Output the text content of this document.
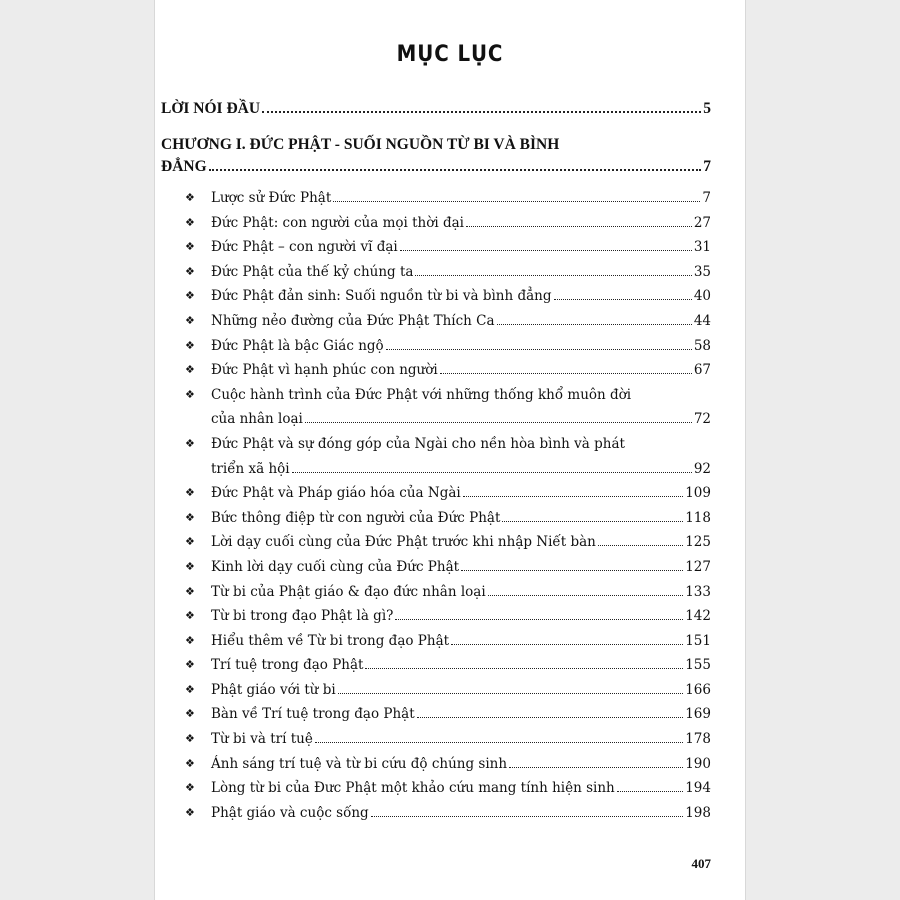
MỤC LỤC
LỜI NÓI ĐẦU	5
CHƯƠNG I. ĐỨC PHẬT - SUỐI NGUỒN TỪ BI VÀ BÌNH
ĐẲNG	7
❖ Lược sử Đức Phật	7
❖ Đức Phật: con người của mọi thời đại	27
❖ Đức Phật – con người vĩ đại	31
❖ Đức Phật của thế kỷ chúng ta	35
❖ Đức Phật đản sinh: Suối nguồn từ bi và bình đẳng	40
❖ Những nẻo đường của Đức Phật Thích Ca	44
❖ Đức Phật là bậc Giác ngộ	58
❖ Đức Phật vì hạnh phúc con người	67
❖ Cuộc hành trình của Đức Phật với những thống khổ muôn đời
của nhân loại	72
❖ Đức Phật và sự đóng góp của Ngài cho nền hòa bình và phát
triển xã hội	92
❖ Đức Phật và Pháp giáo hóa của Ngài	109
❖ Bức thông điệp từ con người của Đức Phật	118
❖ Lời dạy cuối cùng của Đức Phật trước khi nhập Niết bàn	125
❖ Kinh lời dạy cuối cùng của Đức Phật	127
❖ Từ bi của Phật giáo & đạo đức nhân loại	133
❖ Từ bi trong đạo Phật là gì?	142
❖ Hiểu thêm về Từ bi trong đạo Phật	151
❖ Trí tuệ trong đạo Phật	155
❖ Phật giáo với từ bi	166
❖ Bàn về Trí tuệ trong đạo Phật	169
❖ Từ bi và trí tuệ	178
❖ Ánh sáng trí tuệ và từ bi cứu độ chúng sinh	190
❖ Lòng từ bi của Đưc Phật một khảo cứu mang tính hiện sinh	194
❖ Phật giáo và cuộc sống	198
407
